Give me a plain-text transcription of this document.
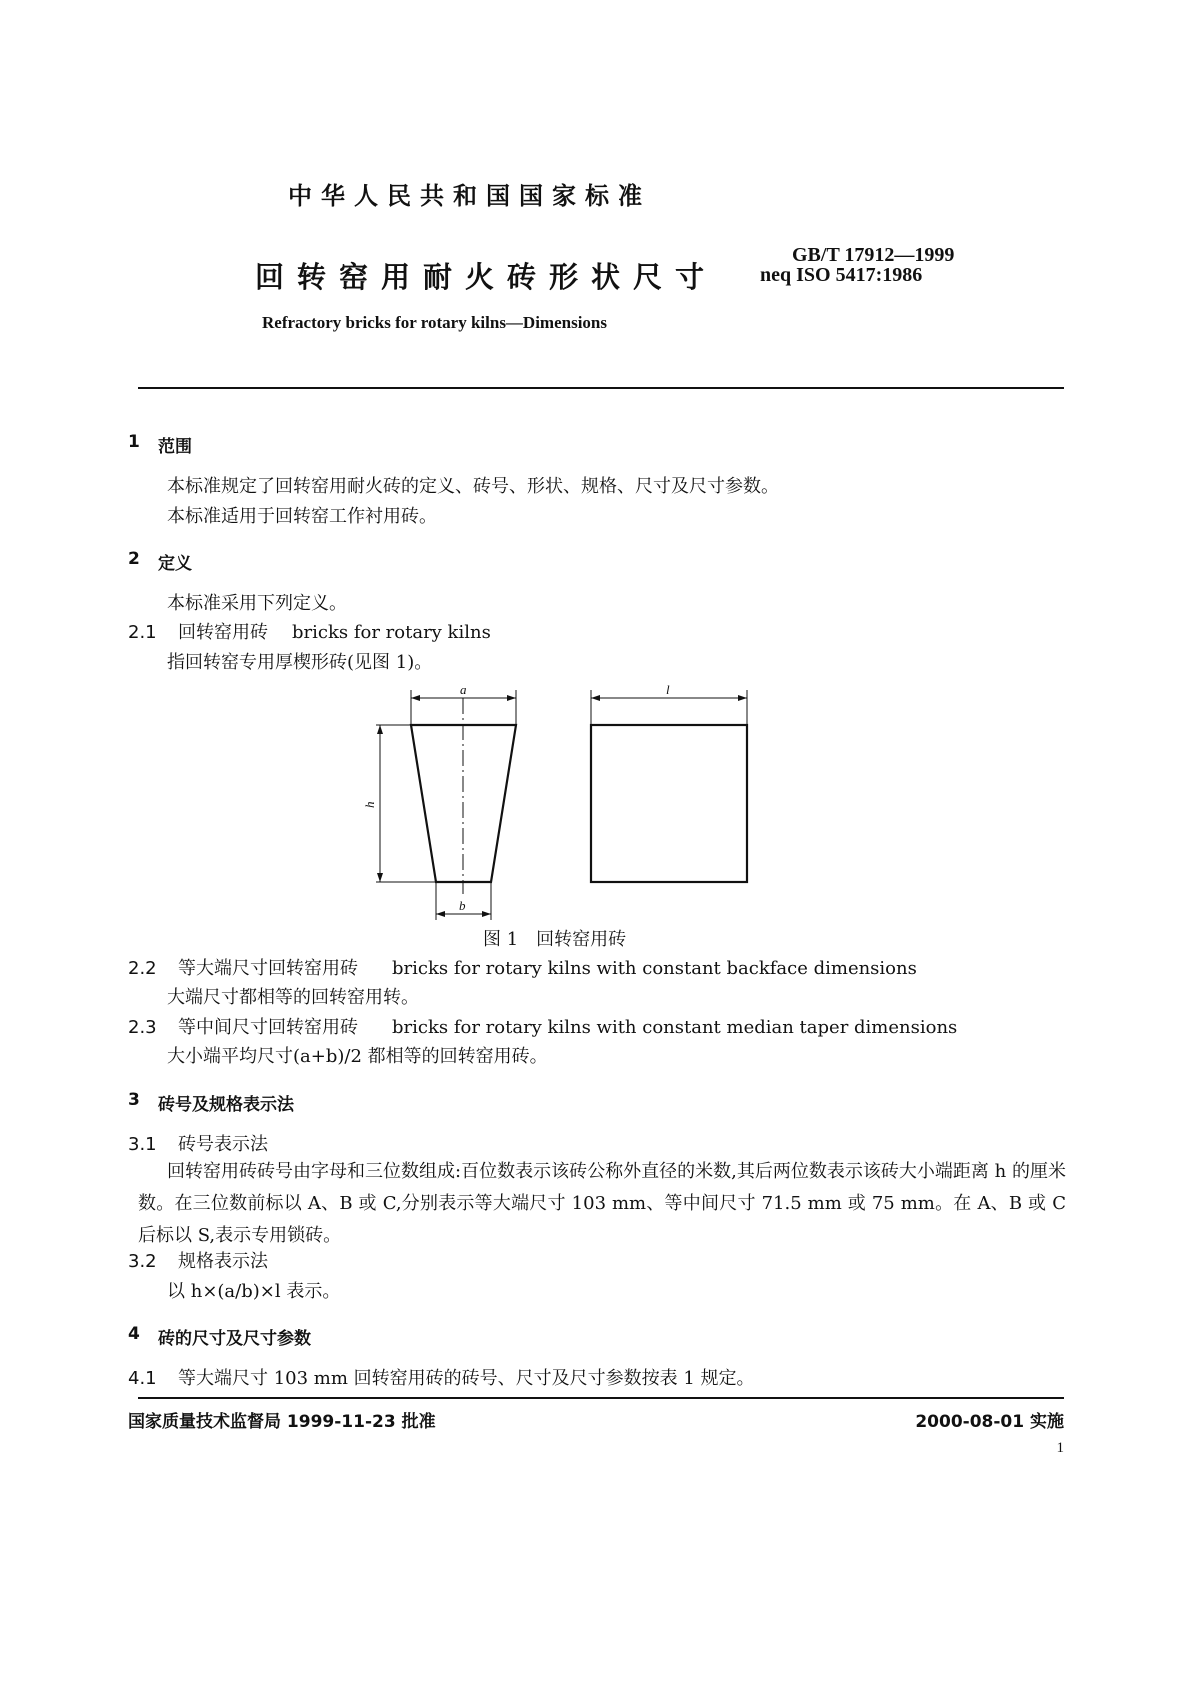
中华人民共和国国家标准
回转窑用耐火砖形状尺寸
GB/T 17912—1999
neq ISO 5417:1986
Refractory bricks for rotary kilns—Dimensions
1 范围
本标准规定了回转窑用耐火砖的定义、砖号、形状、规格、尺寸及尺寸参数。
本标准适用于回转窑工作衬用砖。
2 定义
本标准采用下列定义。
2.1 回转窑用砖 bricks for rotary kilns
指回转窑专用厚楔形砖(见图 1)。
a	l
b
h
图 1　回转窑用砖
2.2 等大端尺寸回转窑用砖 bricks for rotary kilns with constant backface dimensions
大端尺寸都相等的回转窑用转。
2.3 等中间尺寸回转窑用砖 bricks for rotary kilns with constant median taper dimensions
大小端平均尺寸(a+b)/2 都相等的回转窑用砖。
3 砖号及规格表示法
3.1 砖号表示法
回转窑用砖砖号由字母和三位数组成:百位数表示该砖公称外直径的米数,其后两位数表示该砖大小端距离 h 的厘米数。在三位数前标以 A、B 或 C,分别表示等大端尺寸 103 mm、等中间尺寸 71.5 mm 或 75 mm。在 A、B 或 C 后标以 S,表示专用锁砖。
3.2 规格表示法
以 h×(a/b)×l 表示。
4 砖的尺寸及尺寸参数
4.1 等大端尺寸 103 mm 回转窑用砖的砖号、尺寸及尺寸参数按表 1 规定。
国家质量技术监督局 1999-11-23 批准	2000-08-01 实施
1
